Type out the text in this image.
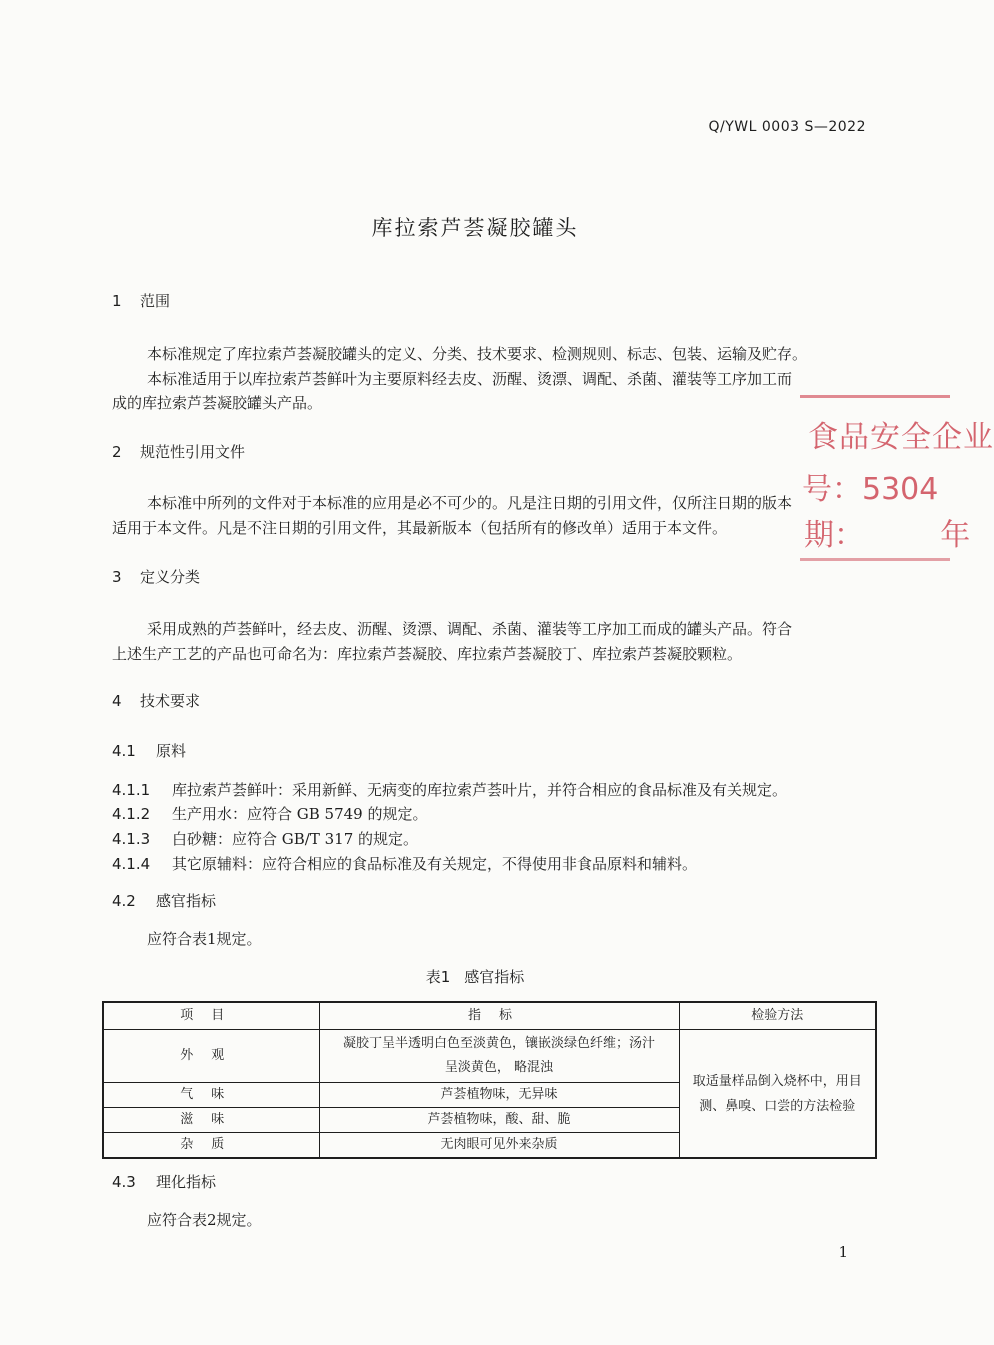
Q/YWL 0003 S—2022
库拉索芦荟凝胶罐头
1 范围
本标准规定了库拉索芦荟凝胶罐头的定义、分类、技术要求、检测规则、标志、包装、运输及贮存。
本标准适用于以库拉索芦荟鲜叶为主要原料经去皮、沥醒、烫漂、调配、杀菌、灌装等工序加工而
成的库拉索芦荟凝胶罐头产品。
2 规范性引用文件
本标准中所列的文件对于本标准的应用是必不可少的。凡是注日期的引用文件，仅所注日期的版本
适用于本文件。凡是不注日期的引用文件，其最新版本（包括所有的修改单）适用于本文件。
3 定义分类
采用成熟的芦荟鲜叶，经去皮、沥醒、烫漂、调配、杀菌、灌装等工序加工而成的罐头产品。符合
上述生产工艺的产品也可命名为：库拉索芦荟凝胶、库拉索芦荟凝胶丁、库拉索芦荟凝胶颗粒。
4 技术要求
4.1 原料
4.1.1 库拉索芦荟鲜叶：采用新鲜、无病变的库拉索芦荟叶片，并符合相应的食品标准及有关规定。
4.1.2 生产用水：应符合 GB 5749 的规定。
4.1.3 白砂糖：应符合 GB/T 317 的规定。
4.1.4 其它原辅料：应符合相应的食品标准及有关规定，不得使用非食品原料和辅料。
4.2 感官指标
应符合表1规定。
表1 感官指标
项目	指标	检验方法
外观	凝胶丁呈半透明白色至淡黄色，镶嵌淡绿色纤维；汤汁
呈淡黄色， 略混浊	取适量样品倒入烧杯中，用目测、鼻嗅、口尝的方法检验
气味	芦荟植物味，无异味	
滋味	芦荟植物味，酸、甜、脆	
杂质	无肉眼可见外来杂质	
4.3 理化指标
应符合表2规定。
1
食品安全企业
号：5304
期：        年
